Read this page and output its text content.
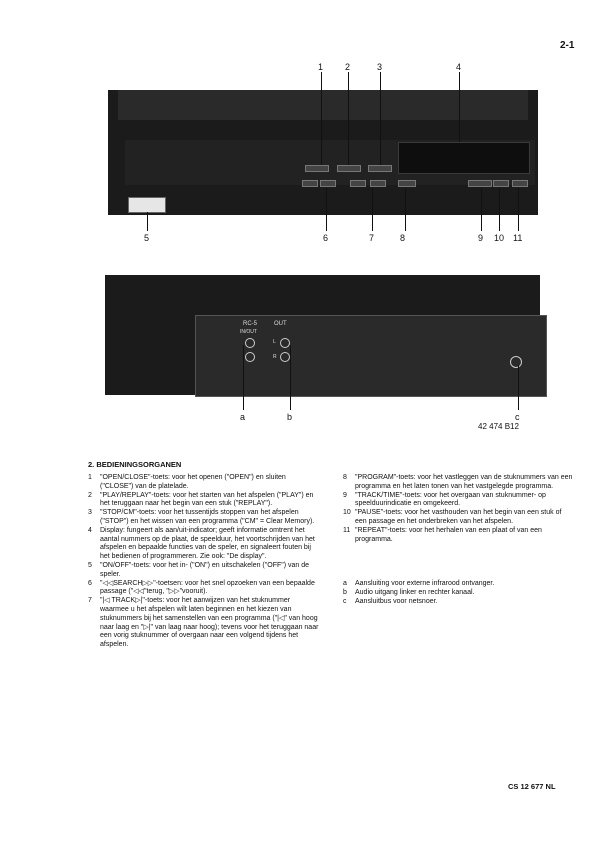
2-1
1 2	3	4
5	6	7	8	9 10 11
RC-5
IN/OUT
OUT
L
R
a	b	c
42 474 B12
2. BEDIENINGSORGANEN

1 "OPEN/CLOSE"-toets: voor het openen ("OPEN") en sluiten ("CLOSE") van de platelade.

2 "PLAY/REPLAY"-toets: voor het starten van het afspelen ("PLAY") en het teruggaan naar het begin van een stuk ("REPLAY").

3 "STOP/CM"-toets: voor het tussentijds stoppen van het afspelen ("STOP") en het wissen van een programma ("CM" = Clear Memory).

4 Display: fungeert als aan/uit-indicator; geeft informatie omtrent het aantal nummers op de plaat, de speelduur, het voortschrijden van het afspelen en bepaalde functies van de speler, en signaleert fouten bij het bedienen of programmeren. Zie ook: "De display".

5 "ON/OFF"-toets: voor het in- ("ON") en uitschakelen ("OFF") van de speler.

6 "◁◁SEARCH▷▷"-toetsen: voor het snel opzoeken van een bepaalde passage ("◁◁"terug, "▷▷"vooruit).

7 "|◁ TRACK▷|"-toets: voor het aanwijzen van het stuknummer waarmee u het afspelen wilt laten beginnen en het kiezen van stuknummers bij het samenstellen van een programma ("|◁" van hoog naar laag en "▷|" van laag naar hoog); tevens voor het teruggaan naar een vorig stuknummer of overgaan naar een volgend tijdens het afspelen.

8 "PROGRAM"-toets: voor het vastleggen van de stuknummers van een programma en het laten tonen van het vastgelegde programma.

9 "TRACK/TIME"-toets: voor het overgaan van stuknummer- op speelduurindicatie en omgekeerd.

10 "PAUSE"-toets: voor het vasthouden van het begin van een stuk of een passage en het onderbreken van het afspelen.

11 "REPEAT"-toets: voor het herhalen van een plaat of van een programma.

a Aansluiting voor externe infrarood ontvanger.

b Audio uitgang linker en rechter kanaal.

c Aansluitbus voor netsnoer.

CS 12 677 NL
